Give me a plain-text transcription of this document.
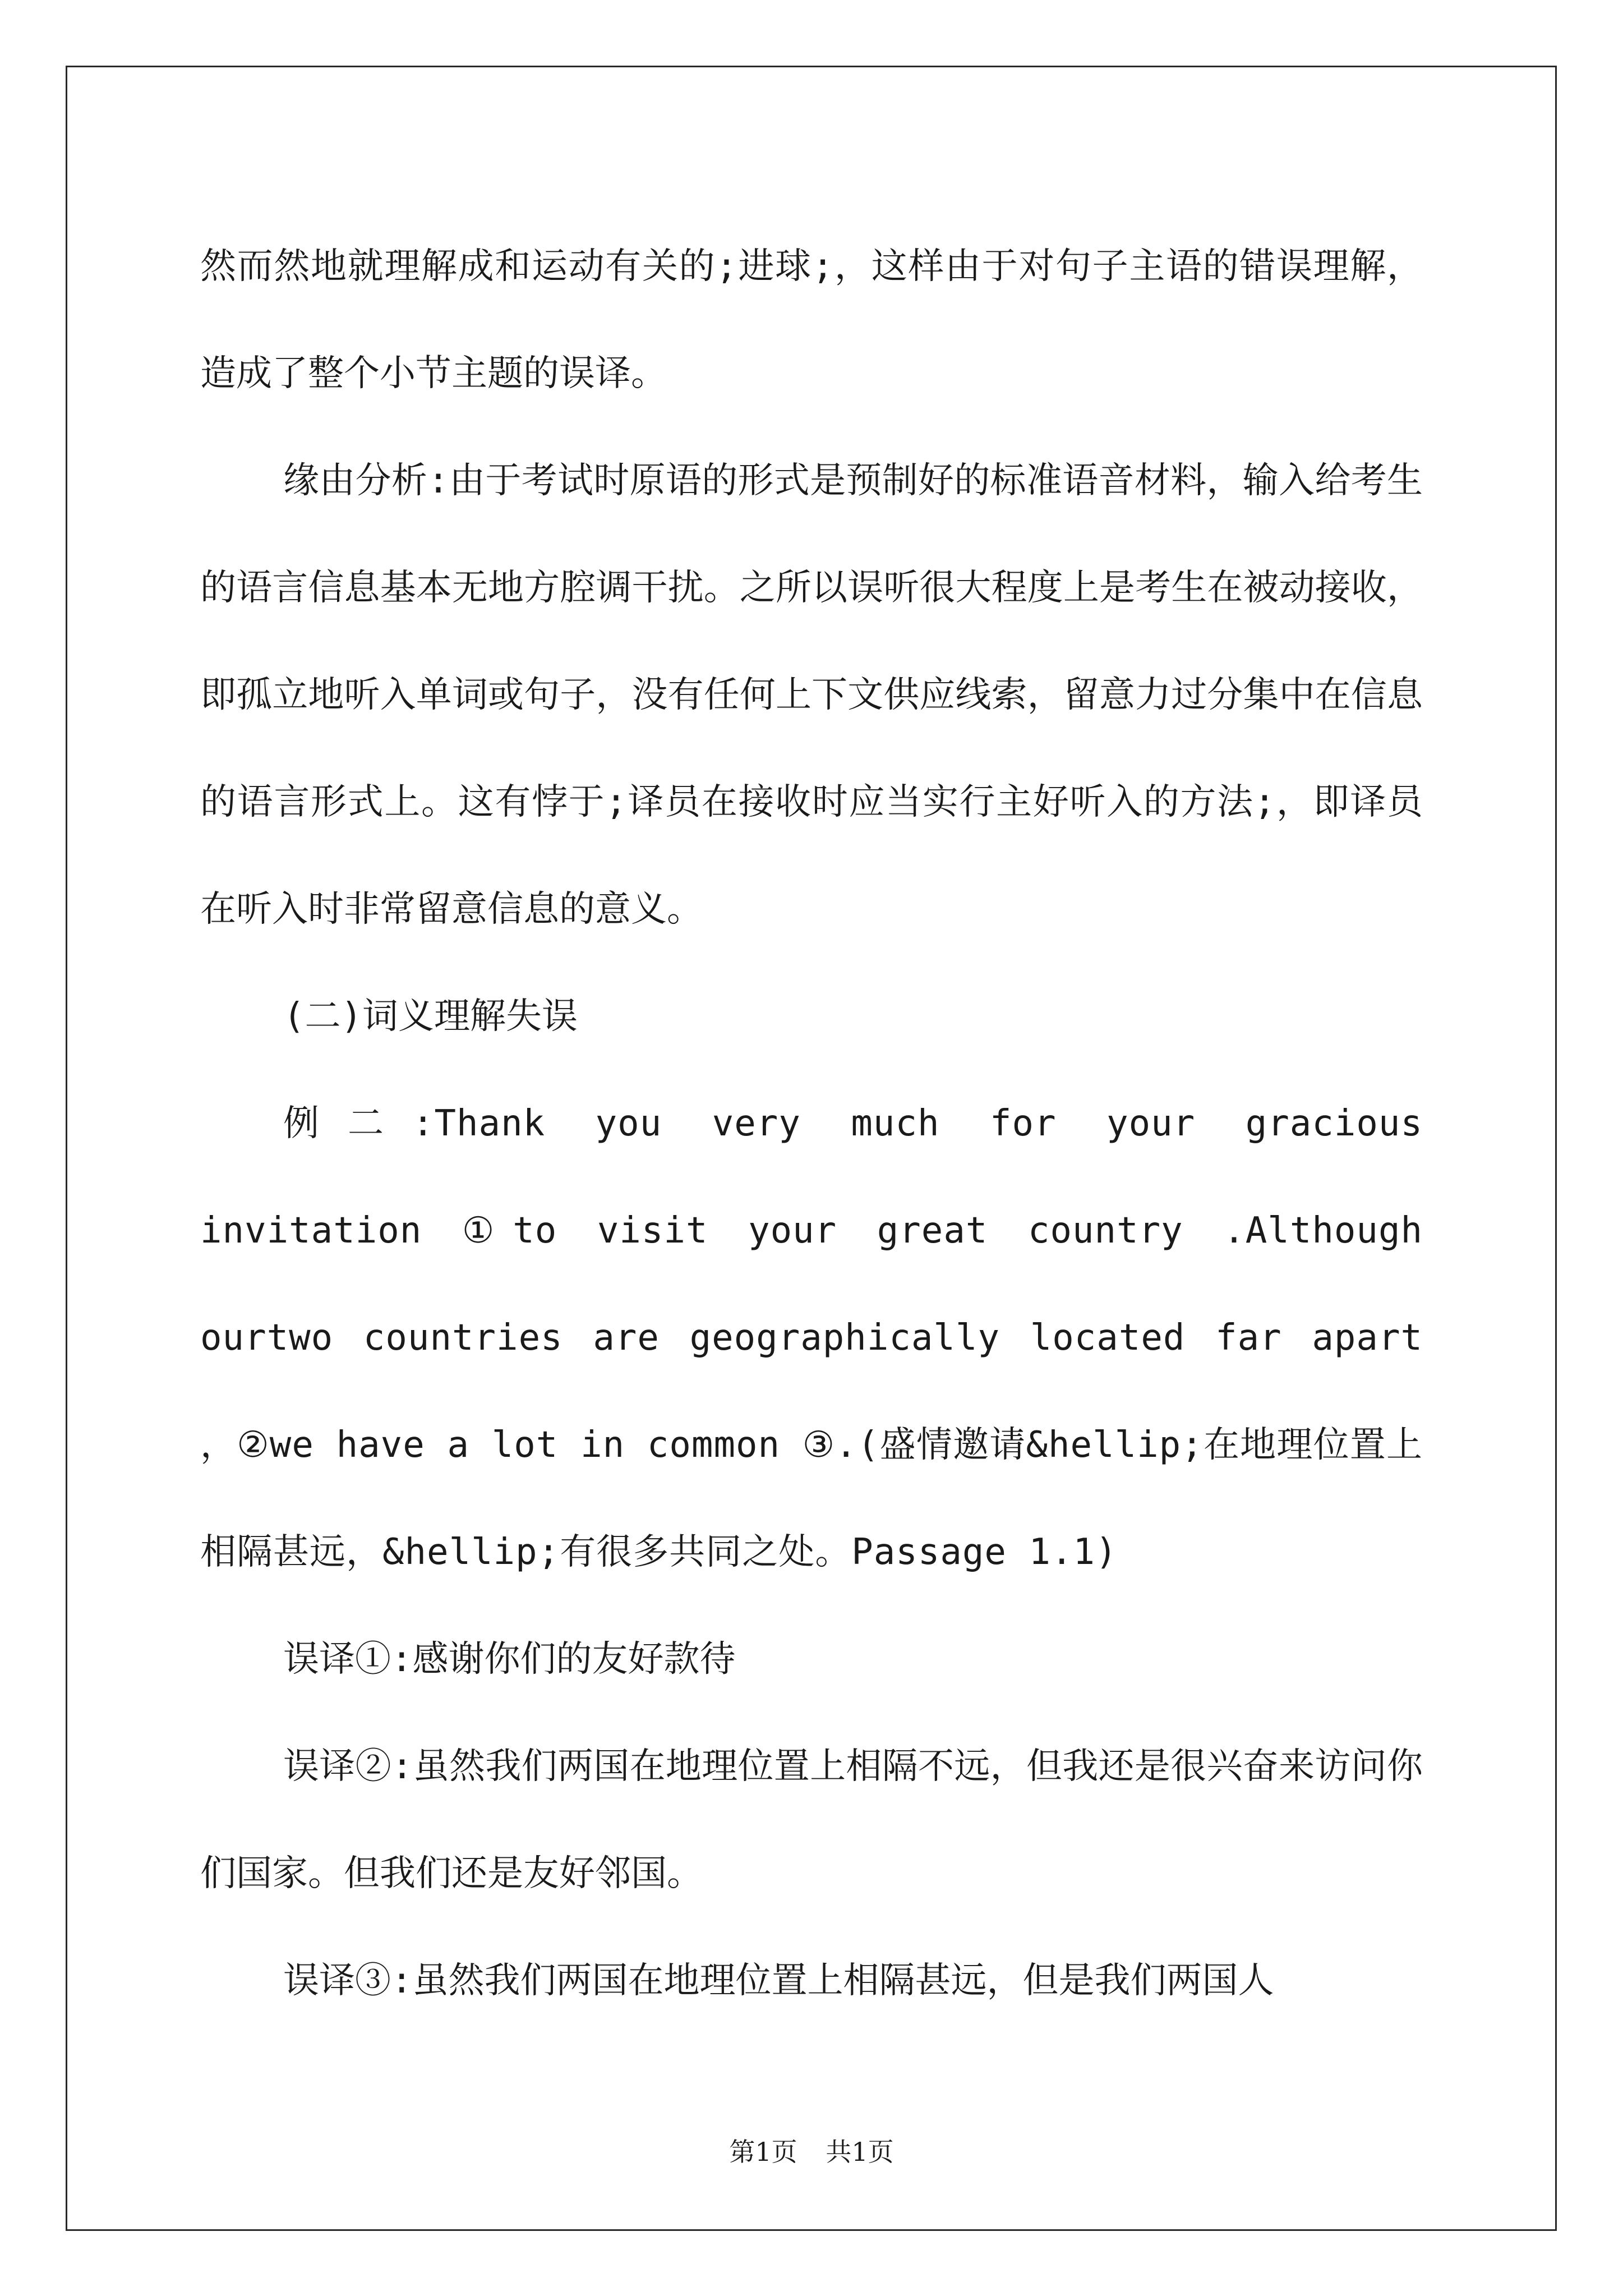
然而然地就理解成和运动有关的;进球;，这样由于对句子主语的错误理解，造成了整个小节主题的误译。

缘由分析:由于考试时原语的形式是预制好的标准语音材料，输入给考生的语言信息基本无地方腔调干扰。之所以误听很大程度上是考生在被动接收，即孤立地听入单词或句子，没有任何上下文供应线索，留意力过分集中在信息的语言形式上。这有悖于;译员在接收时应当实行主好听入的方法;，即译员在听入时非常留意信息的意义。

(二)词义理解失误

例二:Thank you very much for your gracious invitation ①to visit your great country .Although ourtwo countries are geographically located far apart ，②we have a lot in common ③.(盛情邀请&hellip;在地理位置上相隔甚远，&hellip;有很多共同之处。Passage 1.1)

误译①:感谢你们的友好款待

误译②:虽然我们两国在地理位置上相隔不远，但我还是很兴奋来访问你们国家。但我们还是友好邻国。

误译③:虽然我们两国在地理位置上相隔甚远，但是我们两国人

第1页 共1页
